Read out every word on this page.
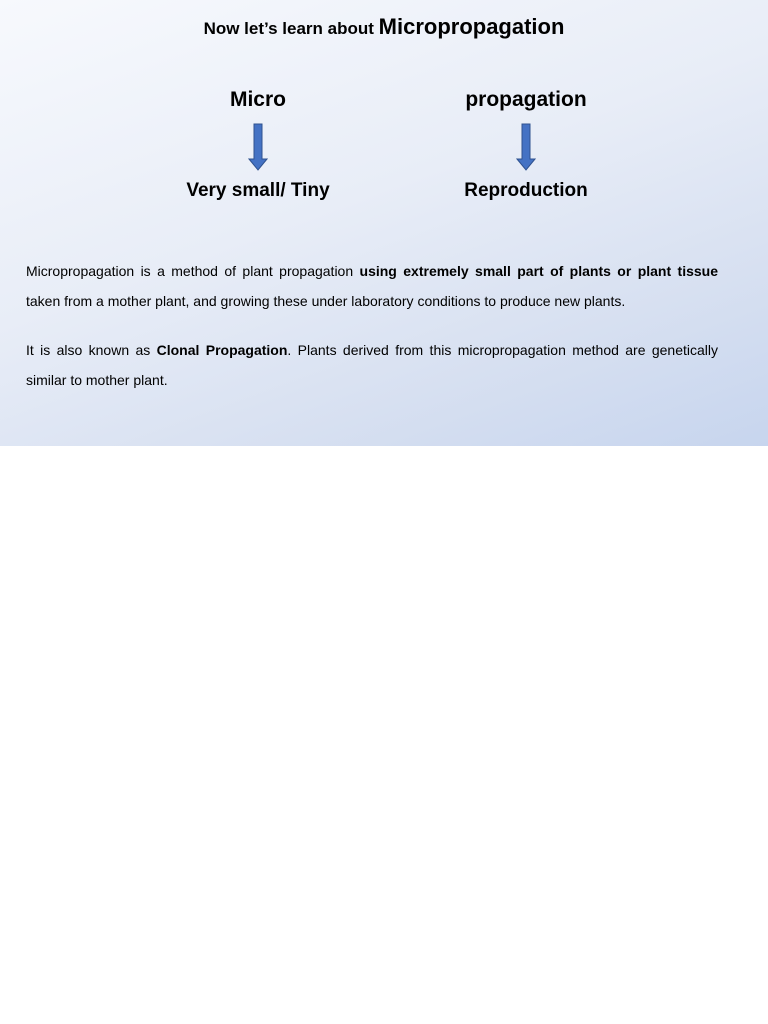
Now let’s learn about Micropropagation
Micro
Very small/ Tiny
propagation
Reproduction

Micropropagation is a method of plant propagation using extremely small part of plants or plant tissue taken from a mother plant, and growing these under laboratory conditions to produce new plants.

It is also known as Clonal Propagation. Plants derived from this micropropagation method are genetically similar to mother plant.
